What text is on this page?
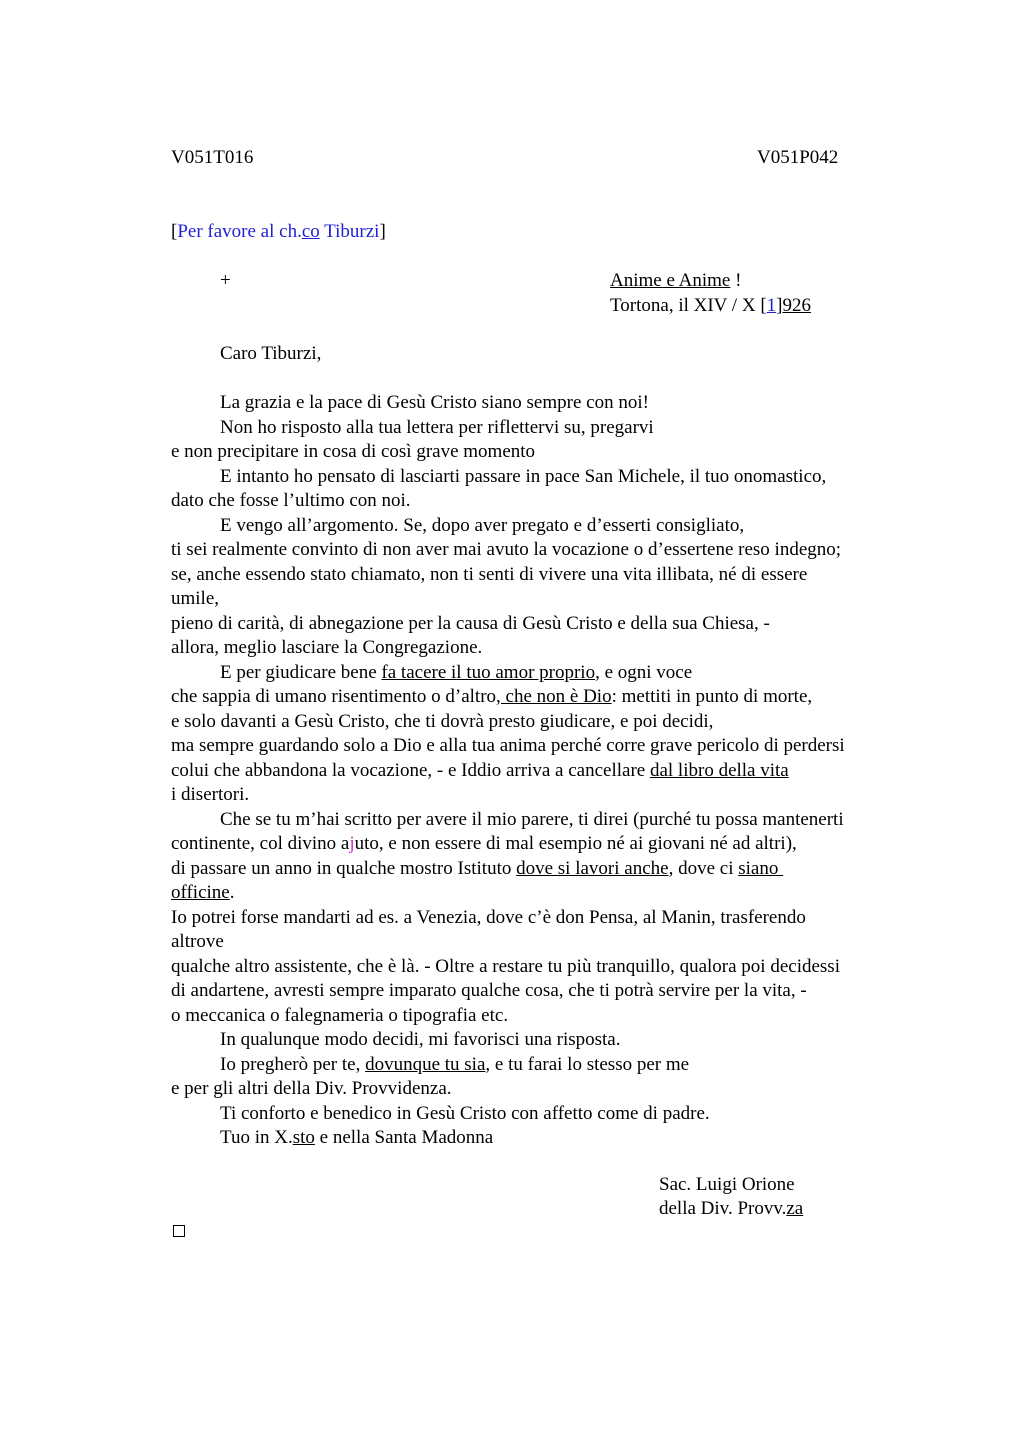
V051T016	V051P042
[Per favore al ch.co Tiburzi]
+	Anime e Anime !
Tortona, il XIV / X [1]926
Caro Tiburzi,
La grazia e la pace di Gesù Cristo siano sempre con noi!
Non ho risposto alla tua lettera per riflettervi su, pregarvi
e non precipitare in cosa di così grave momento
E intanto ho pensato di lasciarti passare in pace San Michele, il tuo onomastico,
dato che fosse l’ultimo con noi.
E vengo all’argomento. Se, dopo aver pregato e d’esserti consigliato,
ti sei realmente convinto di non aver mai avuto la vocazione o d’essertene reso indegno;
se, anche essendo stato chiamato, non ti senti di vivere una vita illibata, né di essere
umile,
pieno di carità, di abnegazione per la causa di Gesù Cristo e della sua Chiesa, -
allora, meglio lasciare la Congregazione.
E per giudicare bene fa tacere il tuo amor proprio, e ogni voce
che sappia di umano risentimento o d’altro, che non è Dio: mettiti in punto di morte,
e solo davanti a Gesù Cristo, che ti dovrà presto giudicare, e poi decidi,
ma sempre guardando solo a Dio e alla tua anima perché corre grave pericolo di perdersi
colui che abbandona la vocazione, - e Iddio arriva a cancellare dal libro della vita
i disertori.
Che se tu m’hai scritto per avere il mio parere, ti direi (purché tu possa mantenerti
continente, col divino ajuto, e non essere di mal esempio né ai giovani né ad altri),
di passare un anno in qualche mostro Istituto dove si lavori anche, dove ci siano
officine.
Io potrei forse mandarti ad es. a Venezia, dove c’è don Pensa, al Manin, trasferendo
altrove
qualche altro assistente, che è là. - Oltre a restare tu più tranquillo, qualora poi decidessi
di andartene, avresti sempre imparato qualche cosa, che ti potrà servire per la vita, -
o meccanica o falegnameria o tipografia etc.
In qualunque modo decidi, mi favorisci una risposta.
Io pregherò per te, dovunque tu sia, e tu farai lo stesso per me
e per gli altri della Div. Provvidenza.
Ti conforto e benedico in Gesù Cristo con affetto come di padre.
Tuo in X.sto e nella Santa Madonna
Sac. Luigi Orione
della Div. Provv.za
